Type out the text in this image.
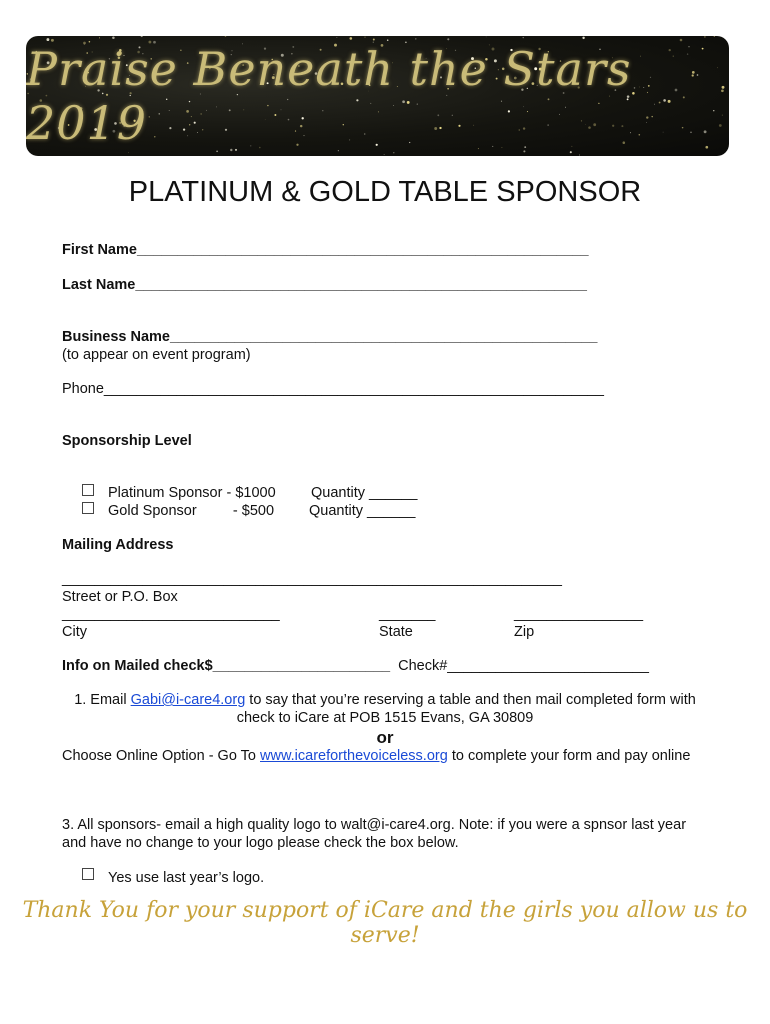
Praise Beneath the Stars 2019
PLATINUM & GOLD TABLE SPONSOR
First Name________________________________________________________
Last Name________________________________________________________
Business Name_____________________________________________________
(to appear on event program)
Phone______________________________________________________________
Sponsorship Level
Platinum Sponsor - $1000 Quantity ______
Gold Sponsor         - $500 Quantity ______
Mailing Address
______________________________________________________________
Street or P.O. Box
___________________________
City
_______
State
________________
Zip
Info on Mailed check$______________________ Check#_________________________
1. Email Gabi@i-care4.org to say that you’re reserving a table and then mail completed form with
check to iCare at POB 1515 Evans, GA 30809
or
Choose Online Option - Go To www.icareforthevoiceless.org to complete your form and pay online
3. All sponsors- email a high quality logo to walt@i-care4.org. Note: if you were a spnsor last year
and have no change to your logo please check the box below.
Yes use last year’s logo.
Thank You for your support of iCare and the girls you allow us to serve!
